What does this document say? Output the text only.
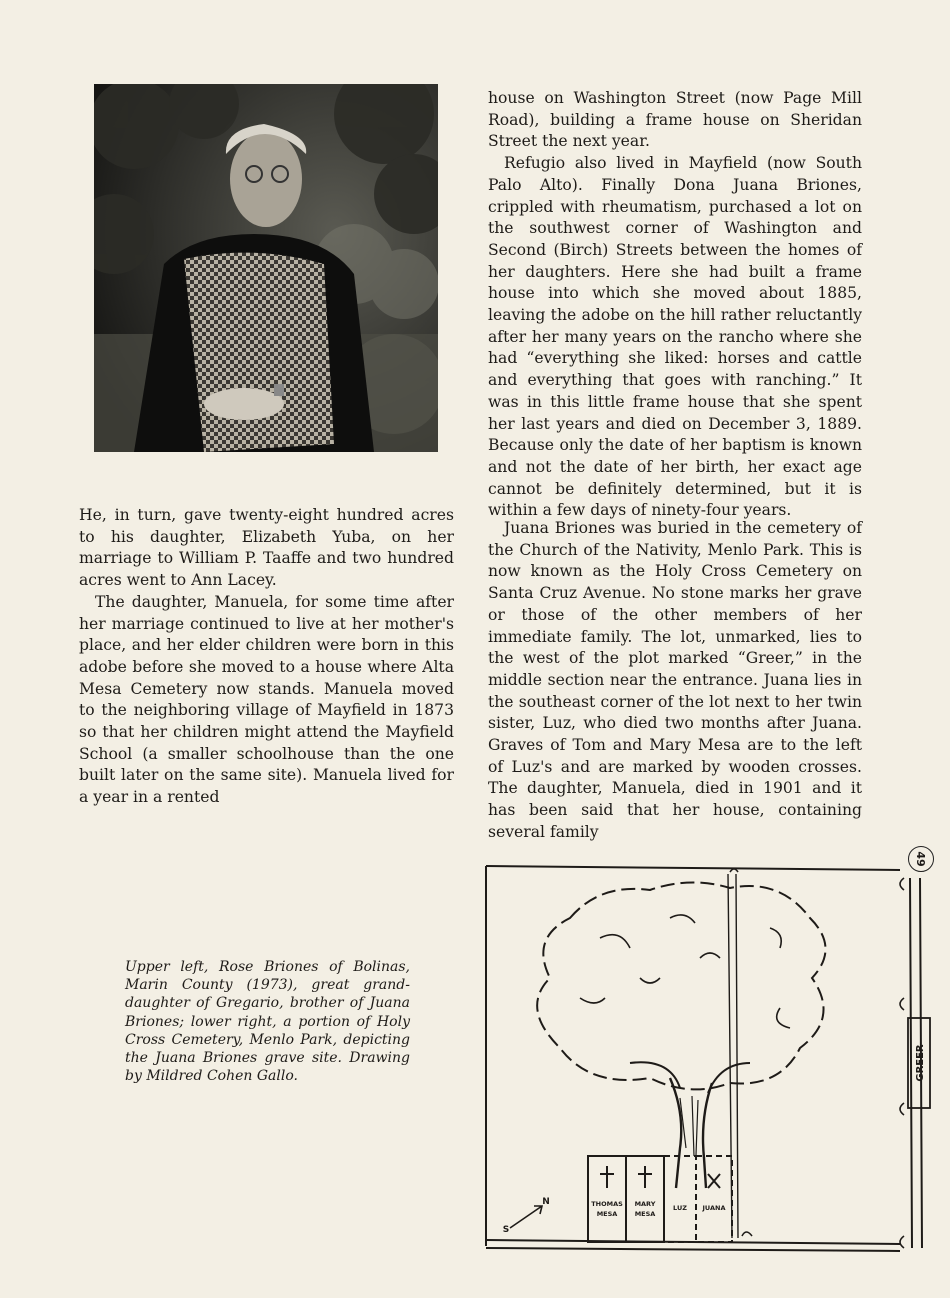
house on Washington Street (now Page Mill Road), building a frame house on Sheridan Street the next year.

Refugio also lived in Mayfield (now South Palo Alto). Finally Dona Juana Briones, crippled with rheumatism, purchased a lot on the southwest corner of Washington and Second (Birch) Streets between the homes of her daughters. Here she had built a frame house into which she moved about 1885, leaving the adobe on the hill rather reluctantly after her many years on the rancho where she had “everything she liked: horses and cattle and everything that goes with ranching.” It was in this little frame house that she spent her last years and died on December 3, 1889. Because only the date of her baptism is known and not the date of her birth, her exact age cannot be definitely determined, but it is within a few days of ninety-four years.

Juana Briones was buried in the cemetery of the Church of the Nativity, Menlo Park. This is now known as the Holy Cross Cemetery on Santa Cruz Avenue. No stone marks her grave or those of the other members of her immediate family. The lot, unmarked, lies to the west of the plot marked “Greer,” in the middle section near the entrance. Juana lies in the southeast corner of the lot next to her twin sister, Luz, who died two months after Juana. Graves of Tom and Mary Mesa are to the left of Luz's and are marked by wooden crosses. The daughter, Manuela, died in 1901 and it has been said that her house, containing several family

He, in turn, gave twenty-eight hundred acres to his daughter, Elizabeth Yuba, on her marriage to William P. Taaffe and two hundred acres went to Ann Lacey.

The daughter, Manuela, for some time after her marriage continued to live at her mother's place, and her elder children were born in this adobe before she moved to a house where Alta Mesa Cemetery now stands. Manuela moved to the neighboring village of Mayfield in 1873 so that her children might attend the Mayfield School (a smaller schoolhouse than the one built later on the same site). Manuela lived for a year in a rented

Upper left, Rose Briones of Bolinas, Marin County (1973), great grand-daughter of Gregario, brother of Juana Briones; lower right, a portion of Holy Cross Cemetery, Menlo Park, depicting the Juana Briones grave site. Drawing by Mildred Cohen Gallo.
49
THOMAS
MESA
MARY
MESA
LUZ JUANA
S
N
GREER
